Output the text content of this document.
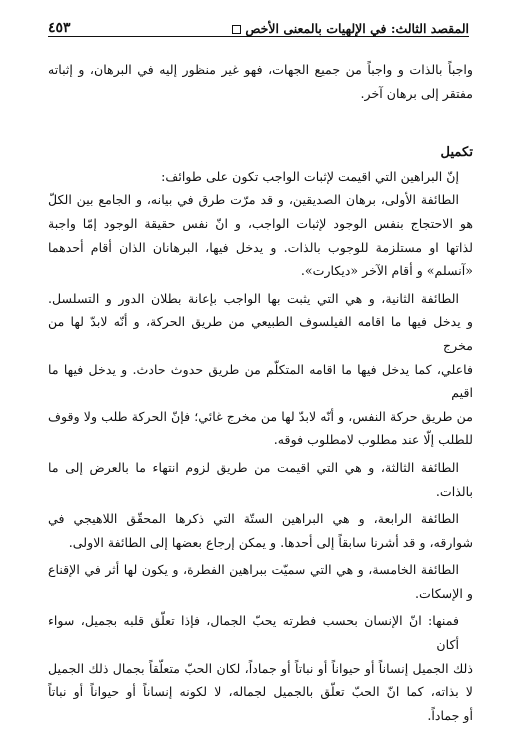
المقصد الثالث: في الإلهيات بالمعنى الأخص
٤٥٣

واجباً بالذات و واجباً من جميع الجهات، فهو غير منظور إليه في البرهان، و إثباته

مفتقر إلى برهان آخر.

تكميل

إنّ البراهين التي اقيمت لإثبات الواجب تكون على طوائف:

الطائفة الأولى، برهان الصديقين، و قد مرّت طرق في بيانه، و الجامع بين الكلّ

هو الاحتجاج بنفس الوجود لإثبات الواجب، و انّ نفس حقيقة الوجود إمّا واجبة

لذاتها او مستلزمة للوجوب بالذات. و يدخل فيها، البرهانان الذان أقام أحدهما

«آنسلم» و أقام الآخر «ديكارت».

الطائفة الثانية، و هي التي يثبت بها الواجب بإعانة بطلان الدور و التسلسل.

و يدخل فيها ما اقامه الفيلسوف الطبيعي من طريق الحركة، و أنّه لابدّ لها من مخرج

فاعلي، كما يدخل فيها ما اقامه المتكلّم من طريق حدوث حادث. و يدخل فيها ما اقيم

من طريق حركة النفس، و أنّه لابدّ لها من مخرج غائي؛ فإنّ الحركة طلب ولا وقوف

للطلب إلّا عند مطلوب لامطلوب فوقه.

الطائفة الثالثة، و هي التي اقيمت من طريق لزوم انتهاء ما بالعرض إلى ما

بالذات.

الطائفة الرابعة، و هي البراهين الستّة التي ذكرها المحقّق اللاهيجي في

شوارقه، و قد أشرنا سابقاً إلى أحدها. و يمكن إرجاع بعضها إلى الطائفة الاولى.

الطائفة الخامسة، و هي التي سميّت ببراهين الفطرة، و يكون لها أثر في الإقناع

و الإسكات.

فمنها: انّ الإنسان بحسب فطرته يحبّ الجمال، فإذا تعلّق قلبه بجميل، سواء أكان

ذلك الجميل إنساناً أو حيواناً أو نباتاً أو جماداً، لكان الحبّ متعلّقاً بجمال ذلك الجميل

لا بذاته، كما انّ الحبّ تعلّق بالجميل لجماله، لا لكونه إنساناً أو حيواناً أو نباتاً

أو جماداً.
